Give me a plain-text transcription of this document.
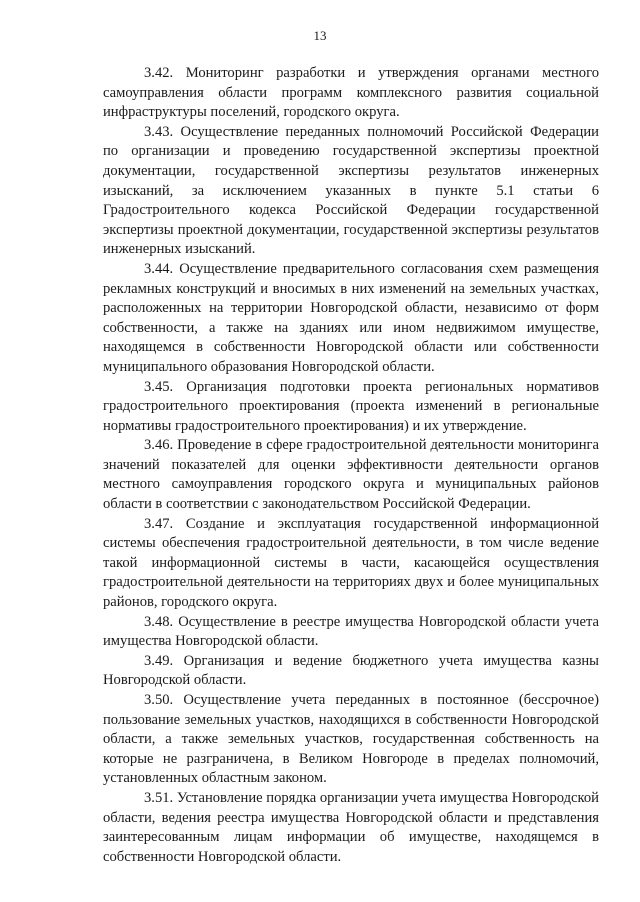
13

3.42. Мониторинг разработки и утверждения органами местного самоуправления области программ комплексного развития социальной инфраструктуры поселений, городского округа.

3.43. Осуществление переданных полномочий Российской Федерации по организации и проведению государственной экспертизы проектной документации, государственной экспертизы результатов инженерных изысканий, за исключением указанных в пункте 5.1 статьи 6 Градостроительного кодекса Российской Федерации государственной экспертизы проектной документации, государственной экспертизы результатов инженерных изысканий.

3.44. Осуществление предварительного согласования схем размещения рекламных конструкций и вносимых в них изменений на земельных участках, расположенных на территории Новгородской области, независимо от форм собственности, а также на зданиях или ином недвижимом имуществе, находящемся в собственности Новгородской области или собственности муниципального образования Новгородской области.

3.45. Организация подготовки проекта региональных нормативов градостроительного проектирования (проекта изменений в региональные нормативы градостроительного проектирования) и их утверждение.

3.46. Проведение в сфере градостроительной деятельности мониторинга значений показателей для оценки эффективности деятельности органов местного самоуправления городского округа и муниципальных районов области в соответствии с законодательством Российской Федерации.

3.47. Создание и эксплуатация государственной информационной системы обеспечения градостроительной деятельности, в том числе ведение такой информационной системы в части, касающейся осуществления градостроительной деятельности на территориях двух и более муниципальных районов, городского округа.

3.48. Осуществление в реестре имущества Новгородской области учета имущества Новгородской области.

3.49. Организация и ведение бюджетного учета имущества казны Новгородской области.

3.50. Осуществление учета переданных в постоянное (бессрочное) пользование земельных участков, находящихся в собственности Новгородской области, а также земельных участков, государственная собственность на которые не разграничена, в Великом Новгороде в пределах полномочий, установленных областным законом.

3.51. Установление порядка организации учета имущества Новгородской области, ведения реестра имущества Новгородской области и представления заинтересованным лицам информации об имуществе, находящемся в собственности Новгородской области.
